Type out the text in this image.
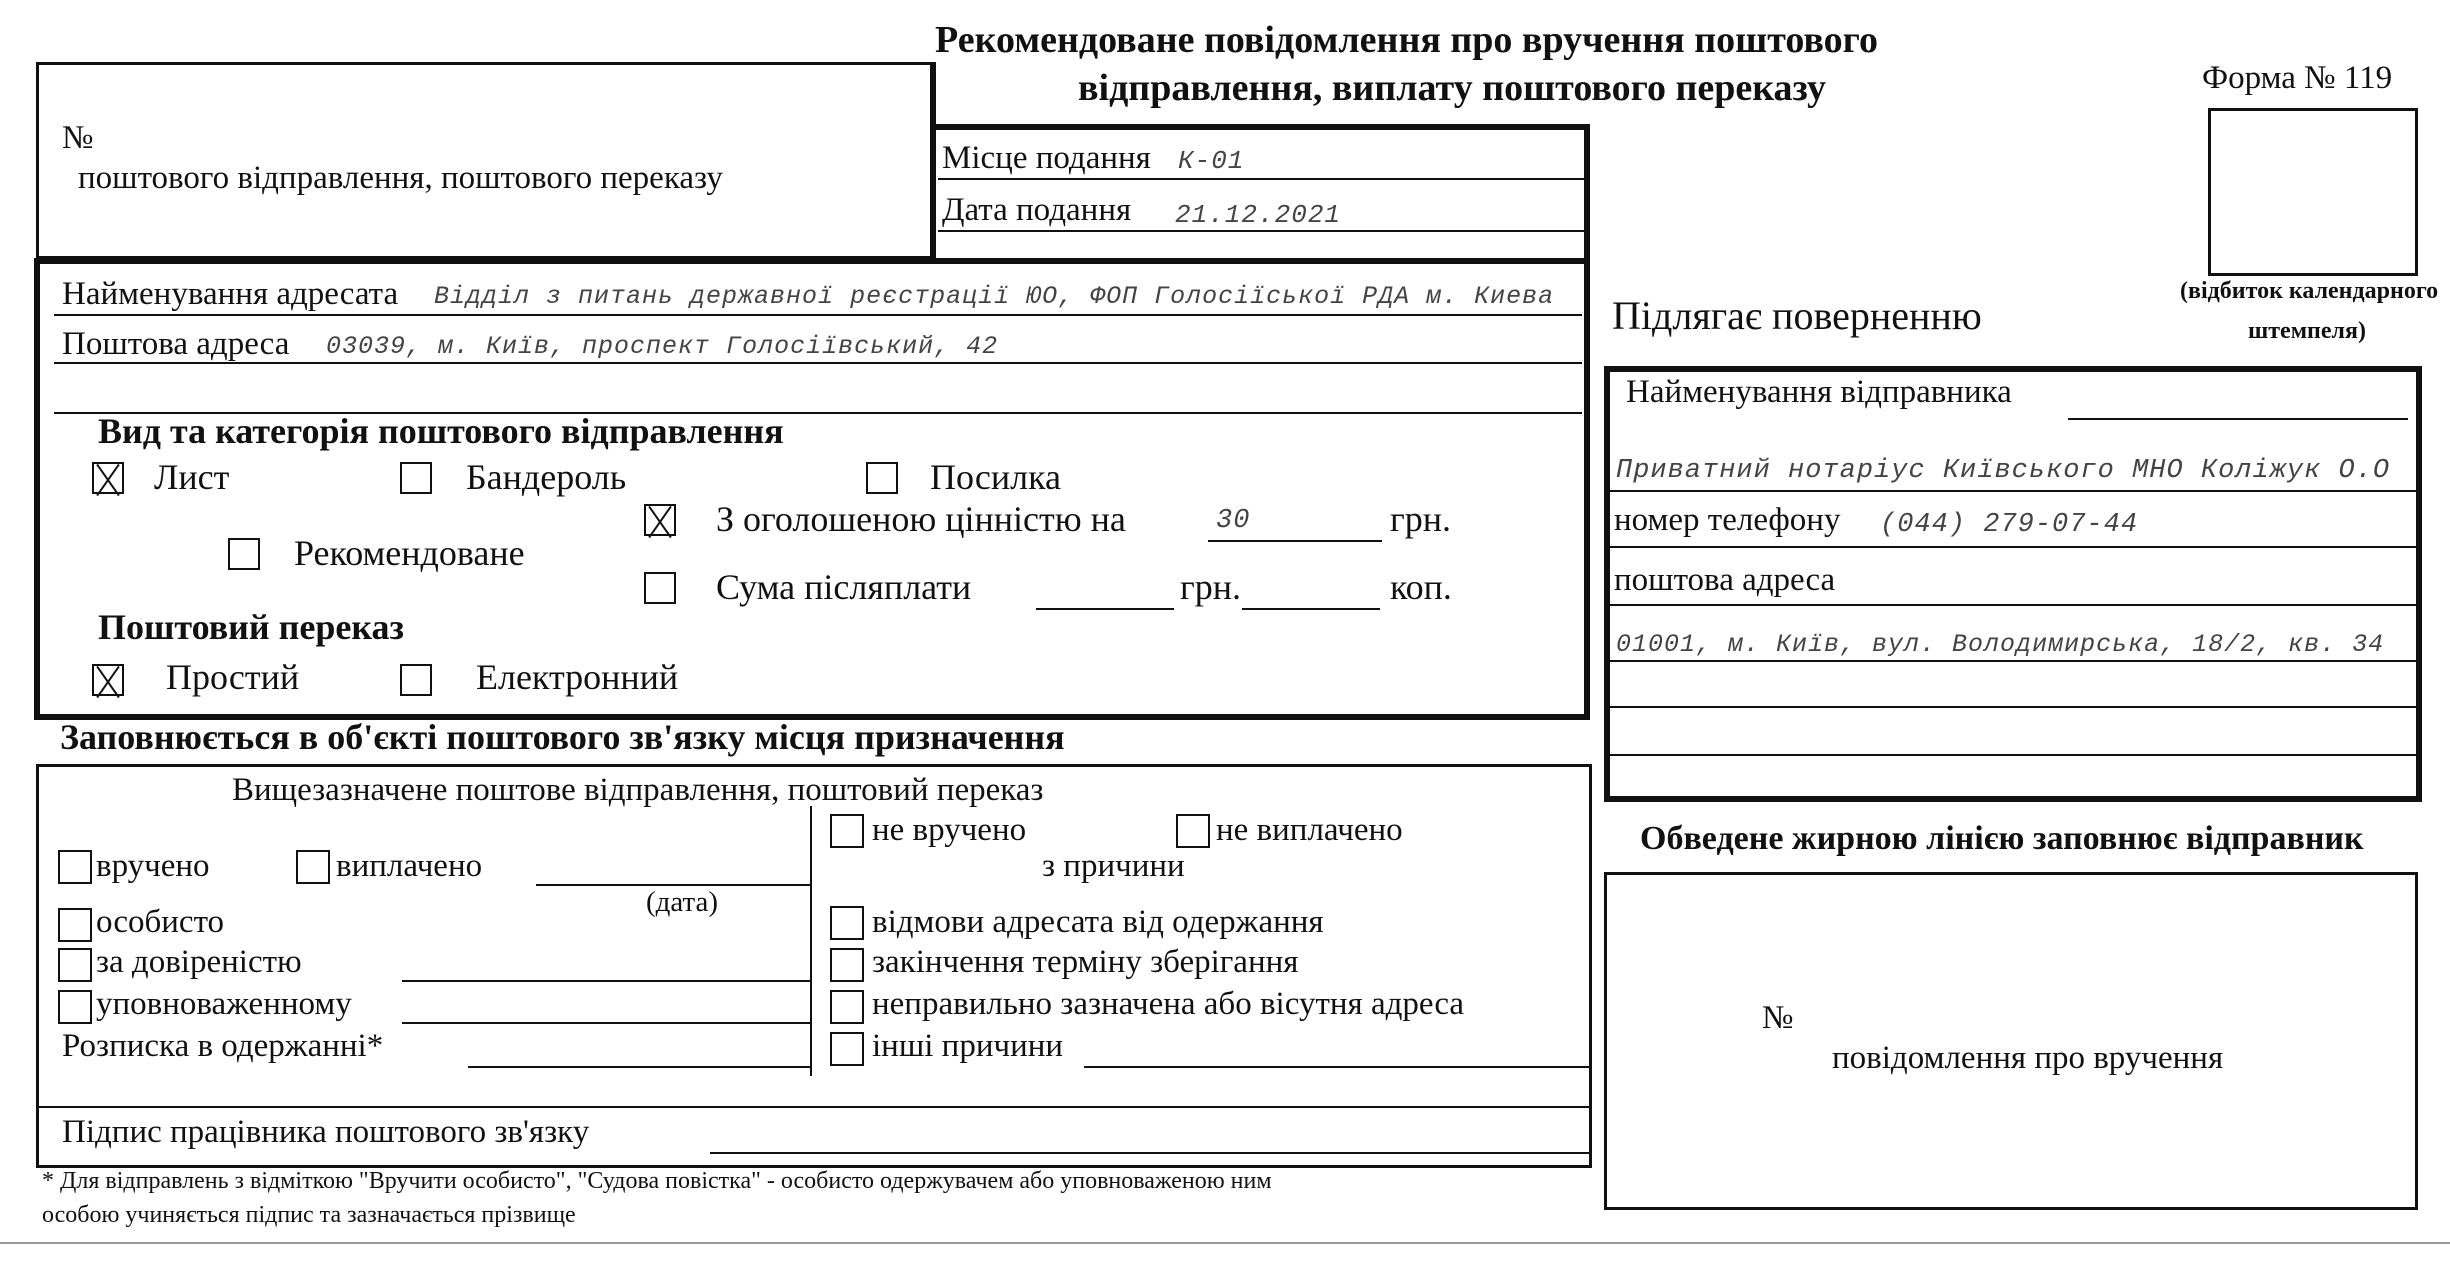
Рекомендоване повідомлення про вручення поштового
відправлення, виплату поштового переказу	Форма № 119
(відбиток календарного
штемпеля)
№
поштового відправлення, поштового переказу
Місце подання К-01
Дата подання 21.12.2021
Найменування адресата Відділ з питань державної реєстрації ЮО, ФОП Голосіїської РДА м. Киева
Поштова адреса 03039, м. Київ, проспект Голосіївський, 42
Вид та категорія поштового відправлення
Лист	Бандероль	Посилка
З оголошеною цінністю на	30	грн.
Рекомендоване
Сума післяплати	грн.	коп.
Поштовий переказ
Простий	Електронний
Заповнюється в об'єкті поштового зв'язку місця призначення
Вищезазначене поштове відправлення, поштовий переказ
вручено	виплачено
(дата)
особисто
за довіреністю
уповноваженному
Розписка в одержанні*
не вручено	не виплачено
з причини
відмови адресата від одержання
закінчення терміну зберігання
неправильно зазначена або вісутня адреса
інші причини
Підпис працівника поштового зв'язку
* Для відправлень з відміткою "Вручити особисто", "Судова повістка" - особисто одержувачем або уповноваженою ним
особою учиняється підпис та зазначається прізвище
Підлягає поверненню
Найменування відправника
Приватний нотаріус Київського МНО Коліжук О.О
номер телефону (044) 279-07-44
поштова адреса
01001, м. Київ, вул. Володимирська, 18/2, кв. 34
Обведене жирною лінією заповнює відправник
№
повідомлення про вручення
